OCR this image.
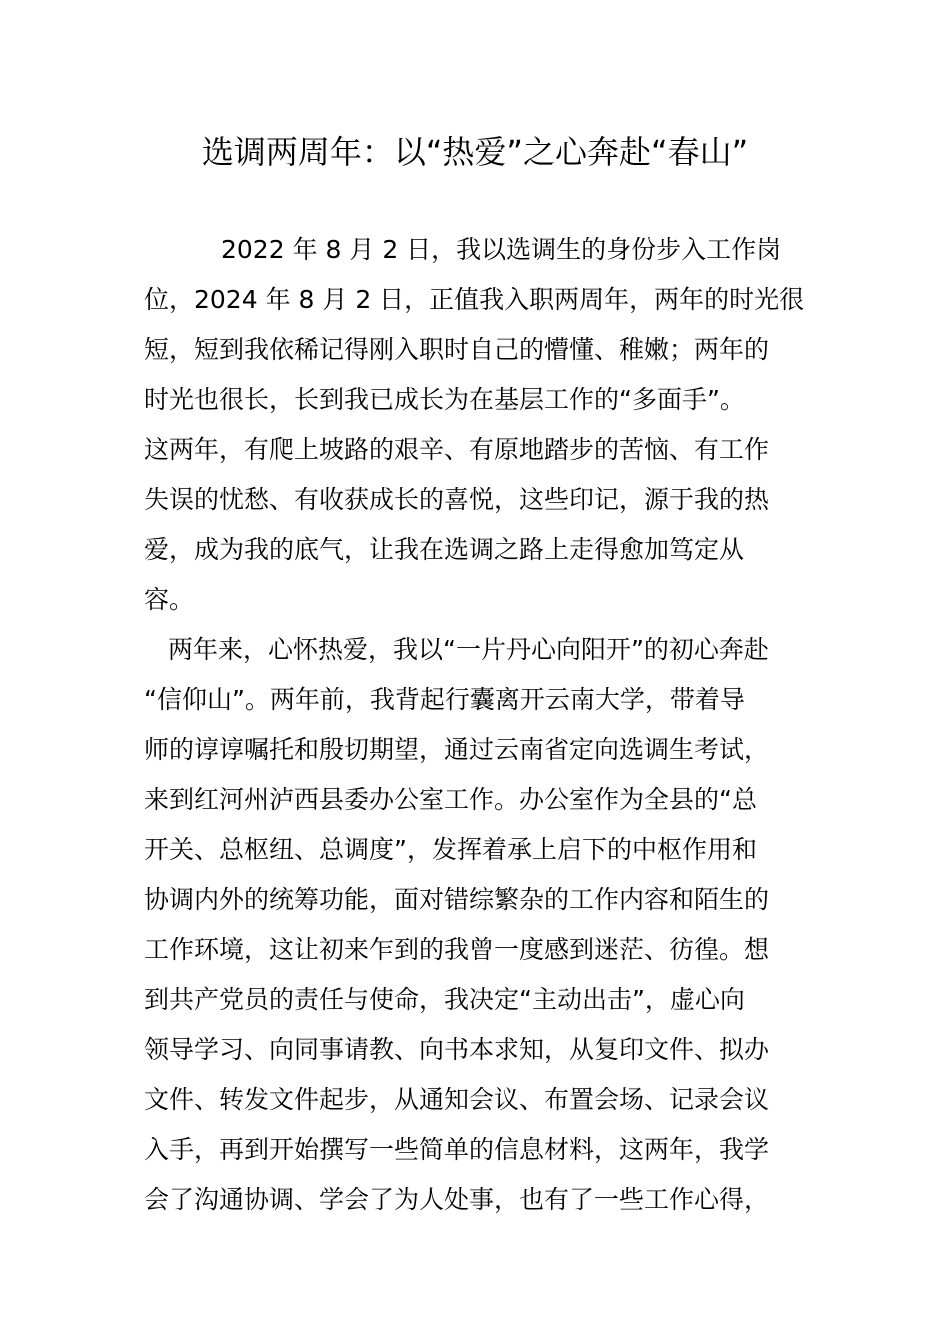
选调两周年：以“热爱”之心奔赴“春山”

2022 年 8 月 2 日，我以选调生的身份步入工作岗

位，2024 年 8 月 2 日，正值我入职两周年，两年的时光很

短，短到我依稀记得刚入职时自己的懵懂、稚嫩；两年的

时光也很长，长到我已成长为在基层工作的“多面手”。

这两年，有爬上坡路的艰辛、有原地踏步的苦恼、有工作

失误的忧愁、有收获成长的喜悦，这些印记，源于我的热

爱，成为我的底气，让我在选调之路上走得愈加笃定从

容。

两年来，心怀热爱，我以“一片丹心向阳开”的初心奔赴

“信仰山”。两年前，我背起行囊离开云南大学，带着导

师的谆谆嘱托和殷切期望，通过云南省定向选调生考试，

来到红河州泸西县委办公室工作。办公室作为全县的“总

开关、总枢纽、总调度”，发挥着承上启下的中枢作用和

协调内外的统筹功能，面对错综繁杂的工作内容和陌生的

工作环境，这让初来乍到的我曾一度感到迷茫、彷徨。想

到共产党员的责任与使命，我决定“主动出击”，虚心向

领导学习、向同事请教、向书本求知，从复印文件、拟办

文件、转发文件起步，从通知会议、布置会场、记录会议

入手，再到开始撰写一些简单的信息材料，这两年，我学

会了沟通协调、学会了为人处事，也有了一些工作心得，
